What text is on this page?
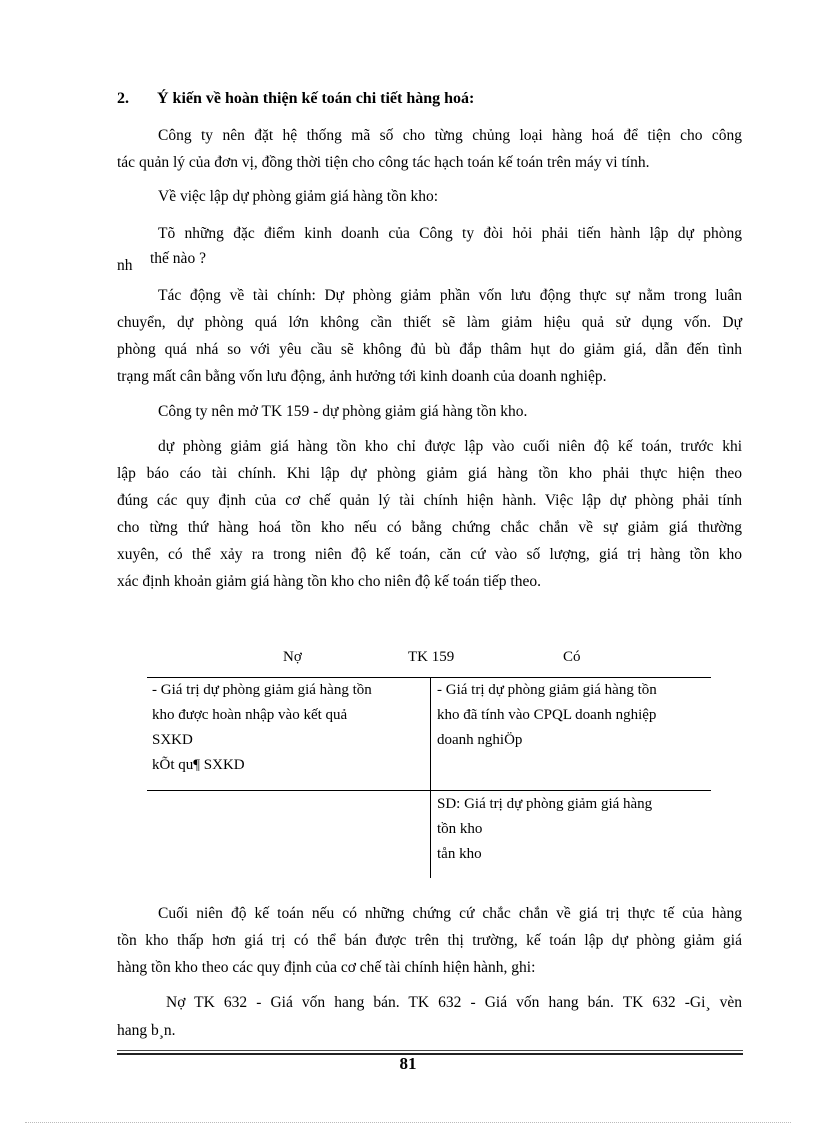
2. Ý kiến về hoàn thiện kế toán chi tiết hàng hoá:
Công ty nên đặt hệ thống mã số cho từng chủng loại hàng hoá để tiện cho công
tác quản lý của đơn vị, đồng thời tiện cho công tác hạch toán kế toán trên máy vi tính.
Về việc lập dự phòng giảm giá hàng tồn kho:
Tõ những đặc điểm kinh doanh của Công ty đòi hỏi phải tiến hành lập dự phòng
nh thế nào ?
Tác động về tài chính: Dự phòng giảm phần vốn lưu động thực sự nằm trong luân
chuyển, dự phòng quá lớn không cần thiết sẽ làm giảm hiệu quả sử dụng vốn. Dự
phòng quá nhá so với yêu cầu sẽ không đủ bù đắp thâm hụt do giảm giá, dẫn đến tình
trạng mất cân bằng vốn lưu động, ảnh hưởng tới kinh doanh của doanh nghiệp.
Công ty nên mở TK 159 - dự phòng giảm giá hàng tồn kho.
dự phòng giảm giá hàng tồn kho chỉ được lập vào cuối niên độ kế toán, trước khi
lập báo cáo tài chính. Khi lập dự phòng giảm giá hàng tồn kho phải thực hiện theo
đúng các quy định của cơ chế quản lý tài chính hiện hành. Việc lập dự phòng phải tính
cho từng thứ hàng hoá tồn kho nếu có bằng chứng chắc chắn về sự giảm giá thường
xuyên, có thể xảy ra trong niên độ kế toán, căn cứ vào số lượng, giá trị hàng tồn kho
xác định khoản giảm giá hàng tồn kho cho niên độ kế toán tiếp theo.
Nợ	TK 159	Có
- Giá trị dự phòng giảm giá hàng tồn
kho được hoàn nhập vào kết quả
SXKD
kÕt qu¶ SXKD
- Giá trị dự phòng giảm giá hàng tồn
kho đã tính vào CPQL doanh nghiệp
doanh nghiÖp
SD: Giá trị dự phòng giảm giá hàng
tồn kho
tån kho
Cuối niên độ kế toán nếu có những chứng cứ chắc chắn về giá trị thực tế của hàng
tồn kho thấp hơn giá trị có thể bán được trên thị trường, kế toán lập dự phòng giảm giá
hàng tồn kho theo các quy định của cơ chế tài chính hiện hành, ghi:
Nợ TK 632 - Giá vốn hang bán. TK 632 - Giá vốn hang bán. TK 632 -Gi¸ vèn
hang b¸n.
81
